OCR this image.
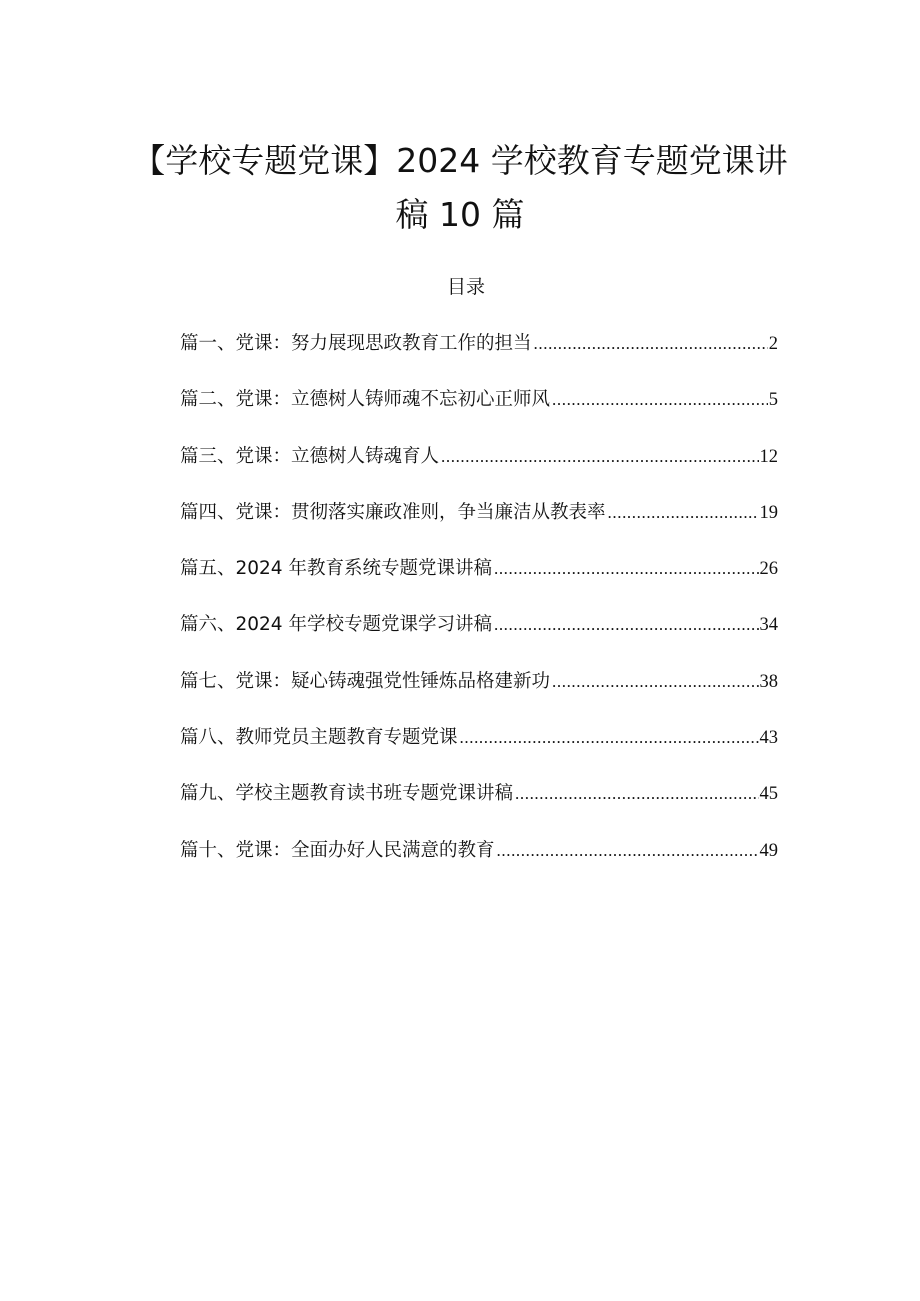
【学校专题党课】2024 学校教育专题党课讲
稿 10 篇
目录
篇一、党课：努力展现思政教育工作的担当 .....	2
篇二、党课：立德树人铸师魂不忘初心正师风 .....	5
篇三、党课：立德树人铸魂育人 .....	12
篇四、党课：贯彻落实廉政准则，争当廉洁从教表率 .....	19
篇五、2024 年教育系统专题党课讲稿 .....	26
篇六、2024 年学校专题党课学习讲稿 .....	34
篇七、党课：疑心铸魂强党性锤炼品格建新功 .....	38
篇八、教师党员主题教育专题党课 .....	43
篇九、学校主题教育读书班专题党课讲稿 .....	45
篇十、党课：全面办好人民满意的教育 .....	49
